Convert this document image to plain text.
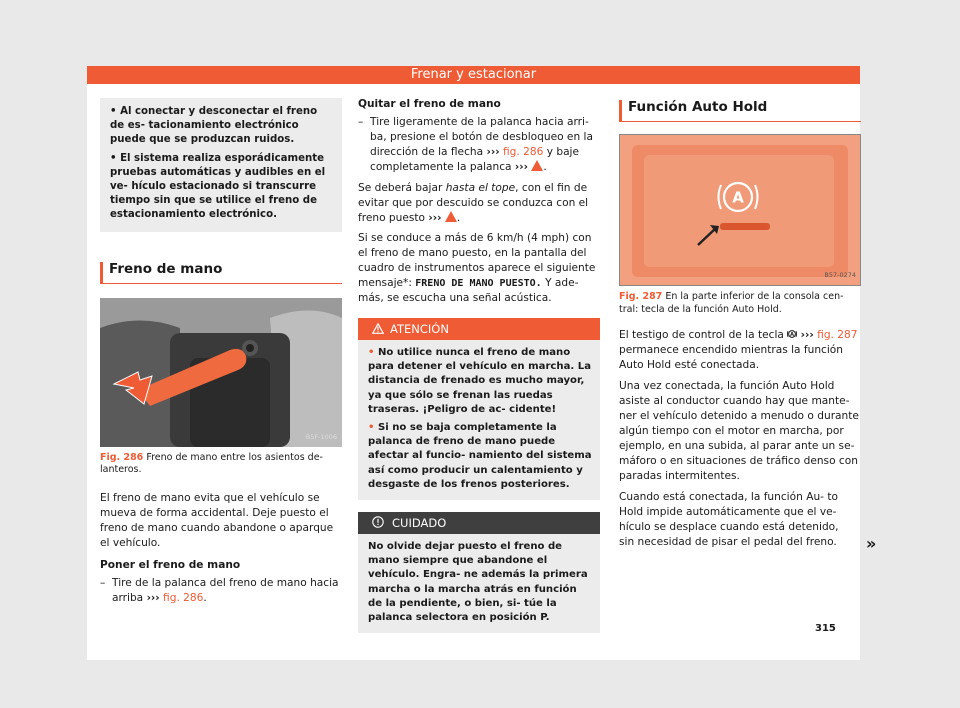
Frenar y estacionar

• Al conectar y desconectar el freno de es- tacionamiento electrónico puede que se produzcan ruidos.

• El sistema realiza esporádicamente pruebas automáticas y audibles en el ve- hículo estacionado si transcurre tiempo sin que se utilice el freno de estacionamiento electrónico.

Freno de mano
B5F-1006
Fig. 286 Freno de mano entre los asientos de- lanteros.

El freno de mano evita que el vehículo se mueva de forma accidental. Deje puesto el freno de mano cuando abandone o aparque el vehículo.

Poner el freno de mano

– Tire de la palanca del freno de mano hacia arriba ››› fig. 286.

Quitar el freno de mano

– Tire ligeramente de la palanca hacia arri- ba, presione el botón de desbloqueo en la dirección de la flecha ››› fig. 286 y baje completamente la palanca ››› .

Se deberá bajar hasta el tope, con el fin de evitar que por descuido se conduzca con el freno puesto ››› .

Si se conduce a más de 6 km/h (4 mph) con el freno de mano puesto, en la pantalla del cuadro de instrumentos aparece el siguiente mensaje*: FRENO DE MANO PUESTO. Y ade- más, se escucha una señal acústica.

ATENCIÓN

• No utilice nunca el freno de mano para detener el vehículo en marcha. La distancia de frenado es mucho mayor, ya que sólo se frenan las ruedas traseras. ¡Peligro de ac- cidente!

• Si no se baja completamente la palanca de freno de mano puede afectar al funcio- namiento del sistema así como producir un calentamiento y desgaste de los frenos posteriores.

CUIDADO

No olvide dejar puesto el freno de mano siempre que abandone el vehículo. Engra- ne además la primera marcha o la marcha atrás en función de la pendiente, o bien, si- túe la palanca selectora en posición P.

Función Auto Hold
A
B57-0274
Fig. 287 En la parte inferior de la consola cen- tral: tecla de la función Auto Hold.

El testigo de control de la tecla A ››› fig. 287 permanece encendido mientras la función Auto Hold esté conectada.

Una vez conectada, la función Auto Hold asiste al conductor cuando hay que mante- ner el vehículo detenido a menudo o durante algún tiempo con el motor en marcha, por ejemplo, en una subida, al parar ante un se- máforo o en situaciones de tráfico denso con paradas intermitentes.

Cuando está conectada, la función Au- to Hold impide automáticamente que el ve- hículo se desplace cuando está detenido, sin necesidad de pisar el pedal del freno.	»
315
